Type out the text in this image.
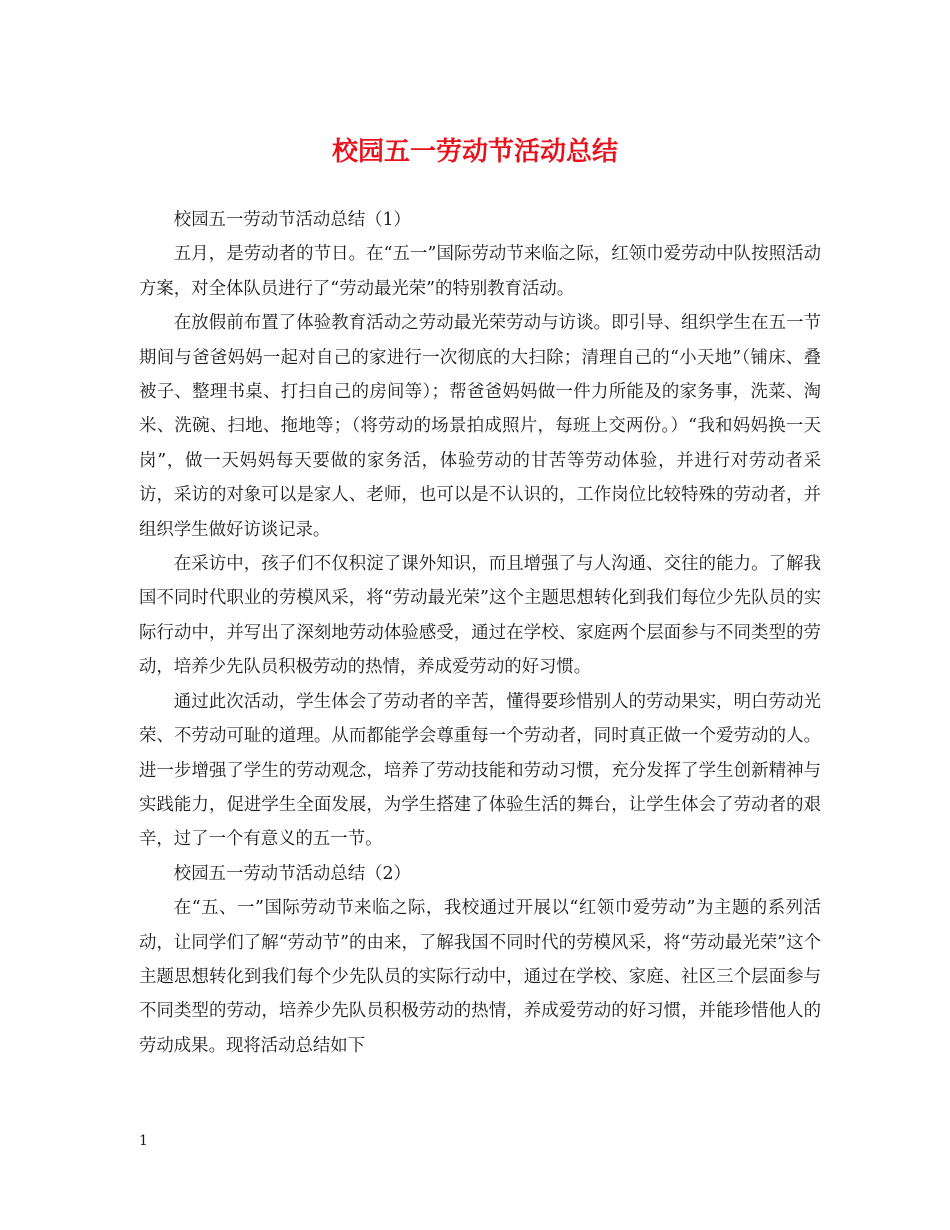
校园五一劳动节活动总结

校园五一劳动节活动总结（1）

五月，是劳动者的节日。在“五一”国际劳动节来临之际，红领巾爱劳动中队按照活动方案，对全体队员进行了“劳动最光荣”的特别教育活动。

在放假前布置了体验教育活动之劳动最光荣劳动与访谈。即引导、组织学生在五一节期间与爸爸妈妈一起对自己的家进行一次彻底的大扫除；清理自己的“小天地”（铺床、叠被子、整理书桌、打扫自己的房间等）；帮爸爸妈妈做一件力所能及的家务事，洗菜、淘米、洗碗、扫地、拖地等；（将劳动的场景拍成照片，每班上交两份。）“我和妈妈换一天岗”，做一天妈妈每天要做的家务活，体验劳动的甘苦等劳动体验，并进行对劳动者采访，采访的对象可以是家人、老师，也可以是不认识的，工作岗位比较特殊的劳动者，并组织学生做好访谈记录。

在采访中，孩子们不仅积淀了课外知识，而且增强了与人沟通、交往的能力。了解我国不同时代职业的劳模风采，将“劳动最光荣”这个主题思想转化到我们每位少先队员的实际行动中，并写出了深刻地劳动体验感受，通过在学校、家庭两个层面参与不同类型的劳动，培养少先队员积极劳动的热情，养成爱劳动的好习惯。

通过此次活动，学生体会了劳动者的辛苦，懂得要珍惜别人的劳动果实，明白劳动光荣、不劳动可耻的道理。从而都能学会尊重每一个劳动者，同时真正做一个爱劳动的人。进一步增强了学生的劳动观念，培养了劳动技能和劳动习惯，充分发挥了学生创新精神与实践能力，促进学生全面发展，为学生搭建了体验生活的舞台，让学生体会了劳动者的艰辛，过了一个有意义的五一节。

校园五一劳动节活动总结（2）

在“五、一”国际劳动节来临之际，我校通过开展以“红领巾爱劳动”为主题的系列活动，让同学们了解“劳动节”的由来，了解我国不同时代的劳模风采，将“劳动最光荣”这个主题思想转化到我们每个少先队员的实际行动中，通过在学校、家庭、社区三个层面参与不同类型的劳动，培养少先队员积极劳动的热情，养成爱劳动的好习惯，并能珍惜他人的劳动成果。现将活动总结如下

1
